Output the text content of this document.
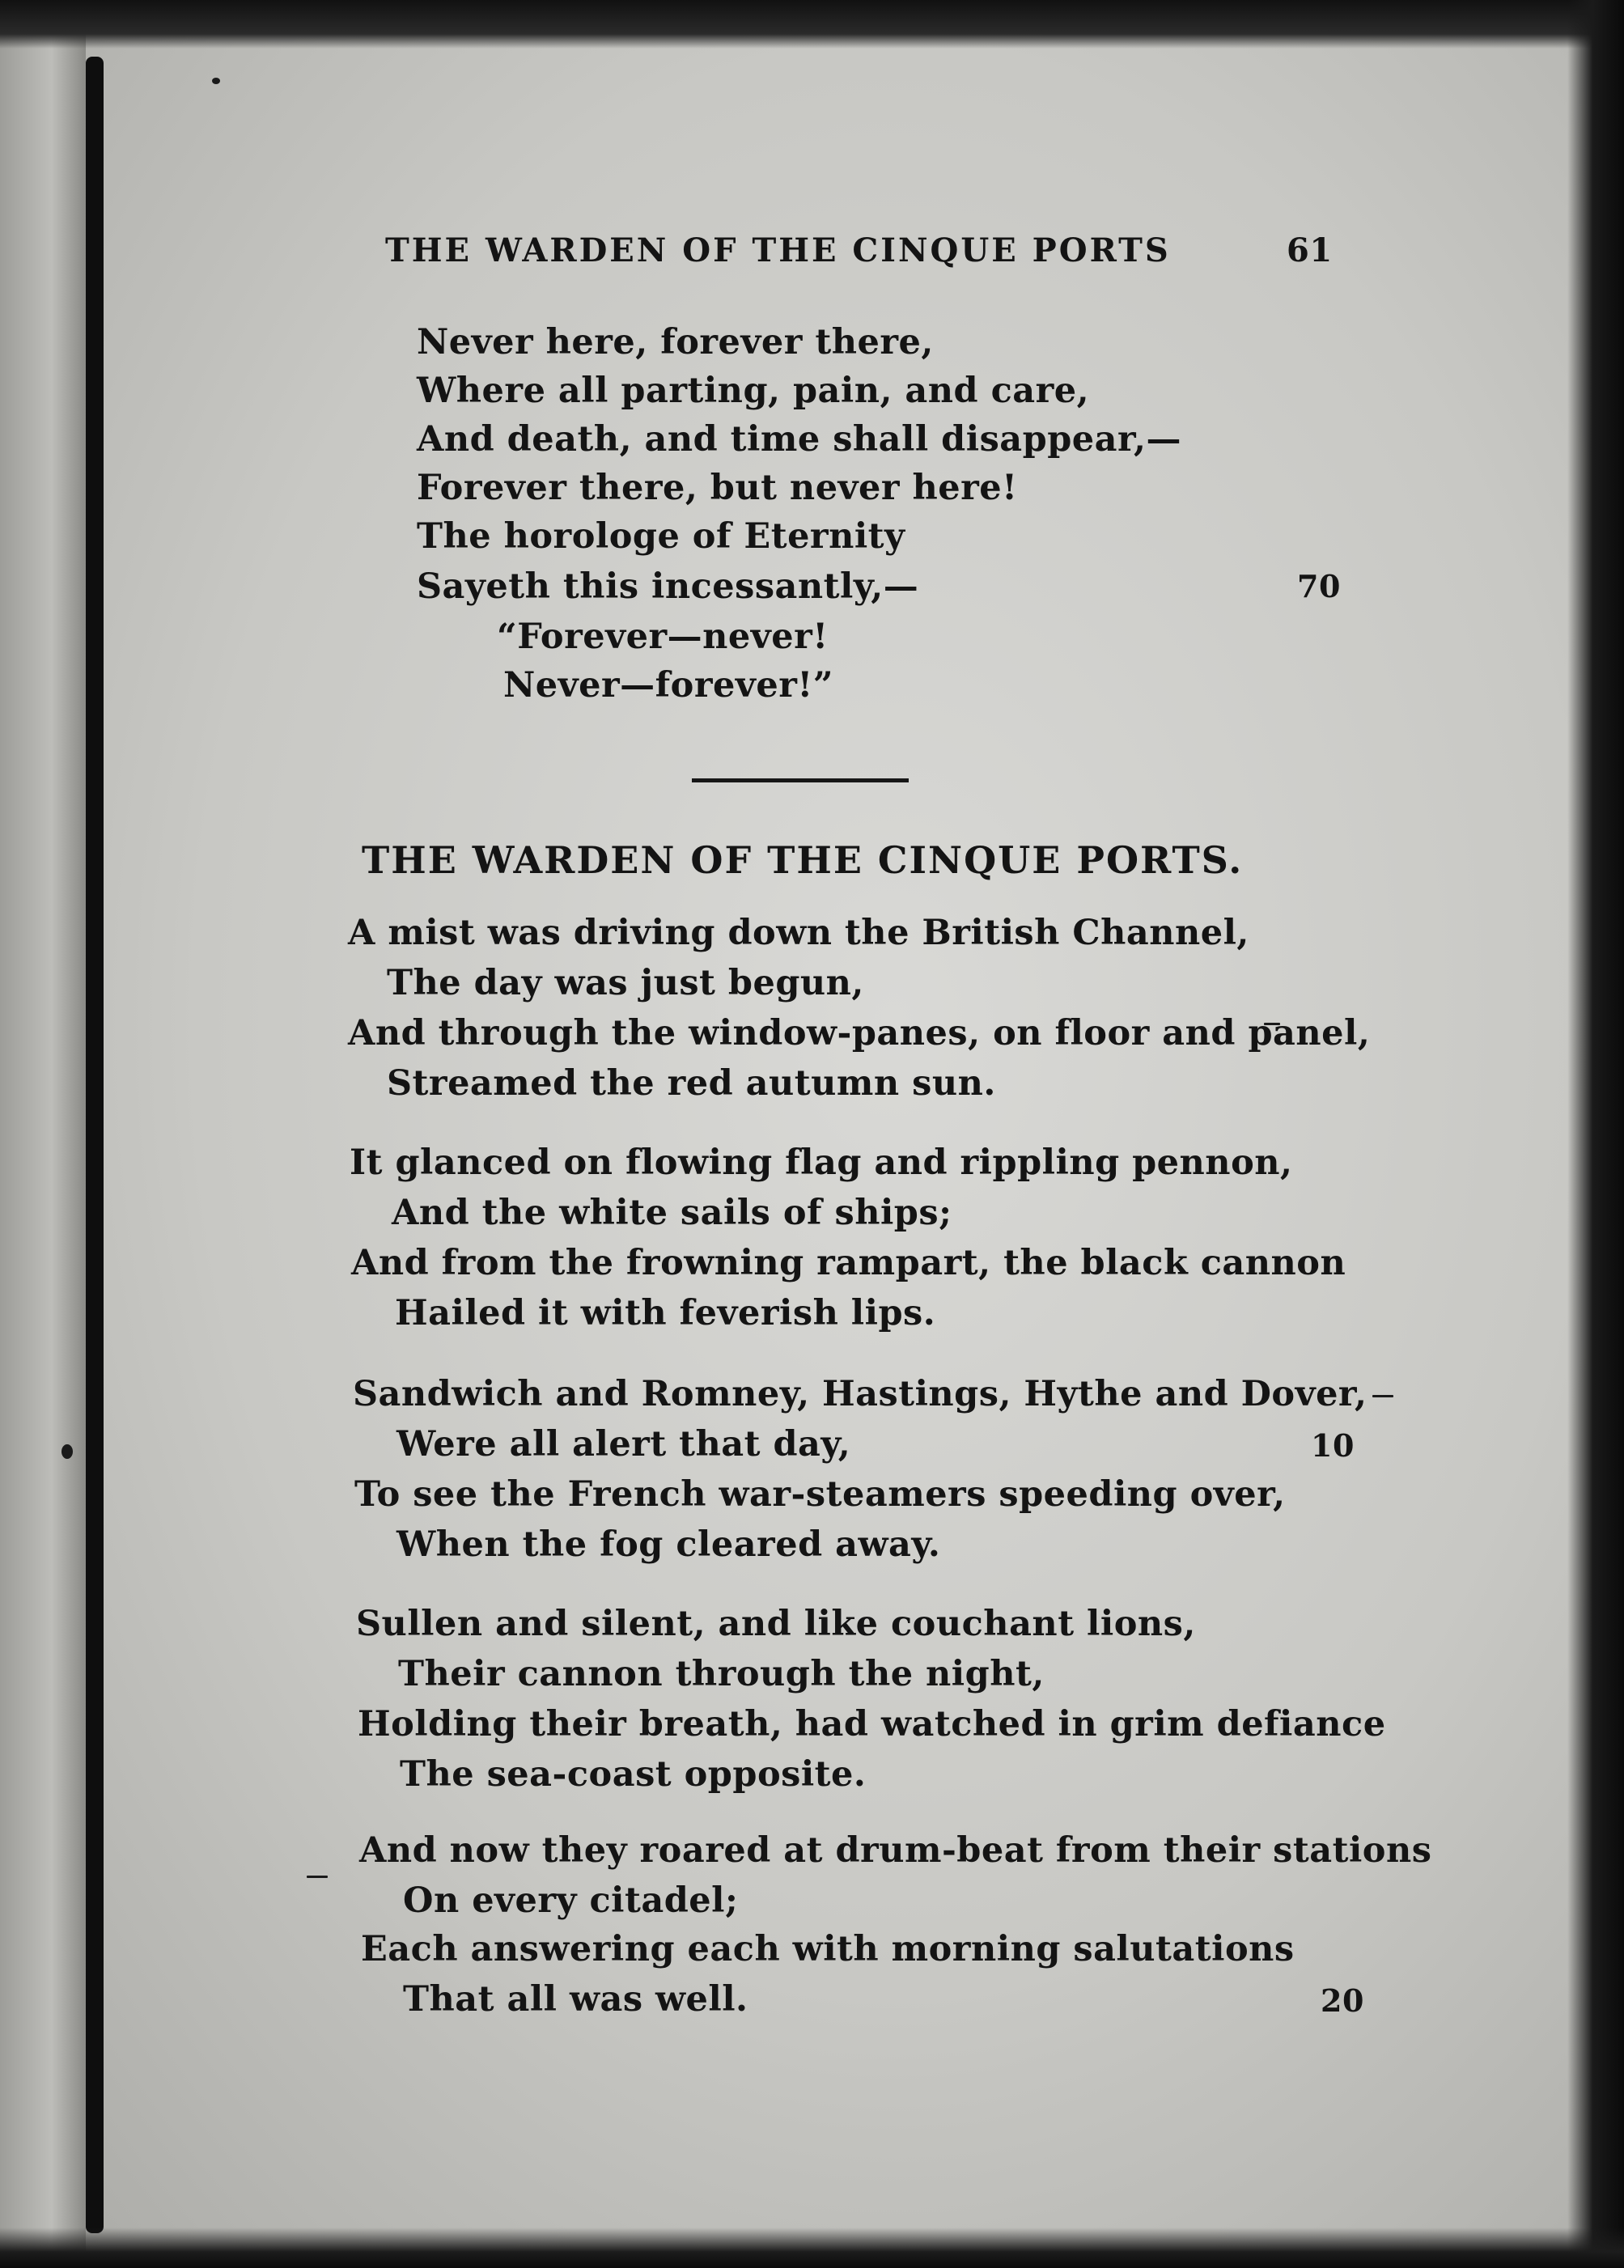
THE WARDEN OF THE CINQUE PORTS	61
Never here, forever there,
Where all parting, pain, and care,
And death, and time shall disappear,—
Forever there, but never here!
The horologe of Eternity
Sayeth this incessantly,—	70
“Forever—never!
Never—forever!”
THE WARDEN OF THE CINQUE PORTS.
A mist was driving down the British Channel,
The day was just begun,
And through the window-panes, on floor and panel,
Streamed the red autumn sun.
It glanced on flowing flag and rippling pennon,
And the white sails of ships;
And from the frowning rampart, the black cannon
Hailed it with feverish lips.
Sandwich and Romney, Hastings, Hythe and Dover,
Were all alert that day,	10
To see the French war-steamers speeding over,
When the fog cleared away.
Sullen and silent, and like couchant lions,
Their cannon through the night,
Holding their breath, had watched in grim defiance
The sea-coast opposite.
And now they roared at drum-beat from their stations
On every citadel;
Each answering each with morning salutations
That all was well.	20
